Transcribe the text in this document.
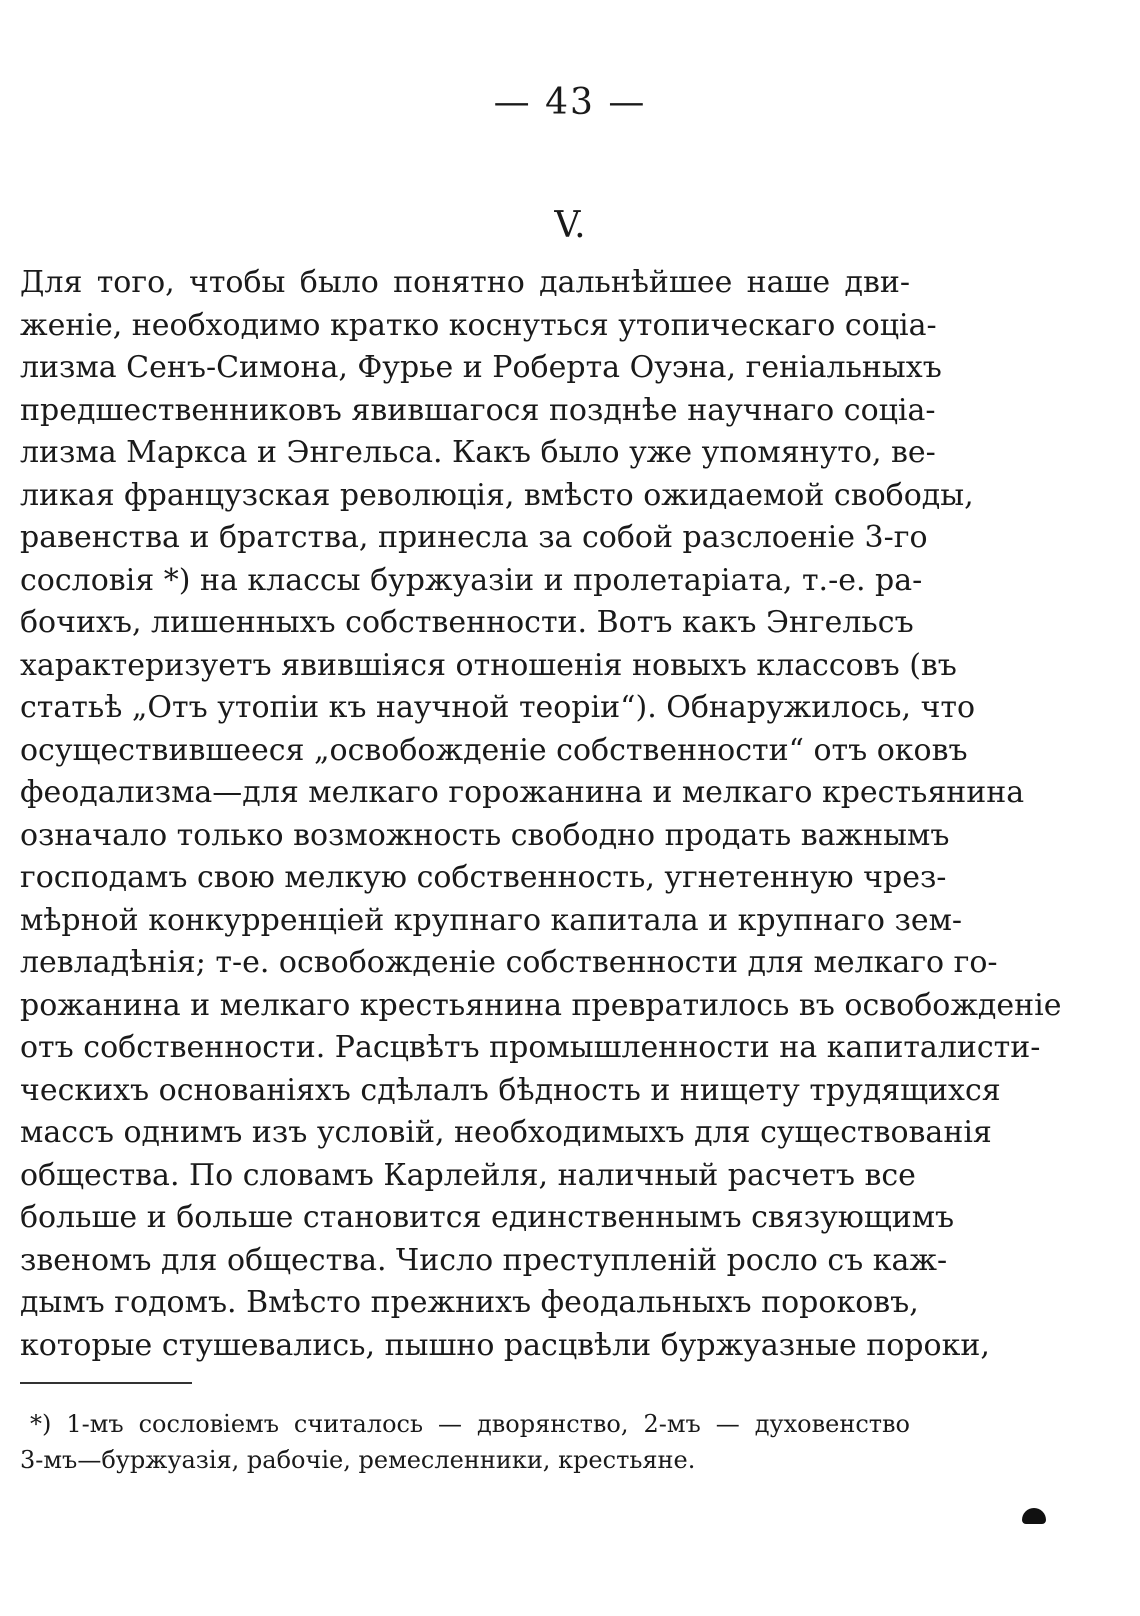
— 43 —
V.
Для того, чтобы было понятно дальнѣйшее наше дви-
женіе, необходимо кратко коснуться утопическаго соціа-
лизма Сенъ-Симона, Фурье и Роберта Оуэна, геніальныхъ
предшественниковъ явившагося позднѣе научнаго соціа-
лизма Маркса и Энгельса. Какъ было уже упомянуто, ве-
ликая французская революція, вмѣсто ожидаемой свободы,
равенства и братства, принесла за собой разслоеніе 3-го
сословія *) на классы буржуазіи и пролетаріата, т.-е. ра-
бочихъ, лишенныхъ собственности. Вотъ какъ Энгельсъ
характеризуетъ явившіяся отношенія новыхъ классовъ (въ
статьѣ „Отъ утопіи къ научной теоріи“). Обнаружилось, что
осуществившееся „освобожденіе собственности“ отъ оковъ
феодализма—для мелкаго горожанина и мелкаго крестьянина
означало только возможность свободно продать важнымъ
господамъ свою мелкую собственность, угнетенную чрез-
мѣрной конкурренціей крупнаго капитала и крупнаго зем-
левладѣнія; т-е. освобожденіе собственности для мелкаго го-
рожанина и мелкаго крестьянина превратилось въ освобожденіе
отъ собственности. Расцвѣтъ промышленности на капиталисти-
ческихъ основаніяхъ сдѣлалъ бѣдность и нищету трудящихся
массъ однимъ изъ условій, необходимыхъ для существованія
общества. По словамъ Карлейля, наличный расчетъ все
больше и больше становится единственнымъ связующимъ
звеномъ для общества. Число преступленій росло съ каж-
дымъ годомъ. Вмѣсто прежнихъ феодальныхъ пороковъ,
которые стушевались, пышно расцвѣли буржуазные пороки,
*) 1-мъ сословіемъ считалось — дворянство, 2-мъ — духовенство
3-мъ—буржуазія, рабочіе, ремесленники, крестьяне.
